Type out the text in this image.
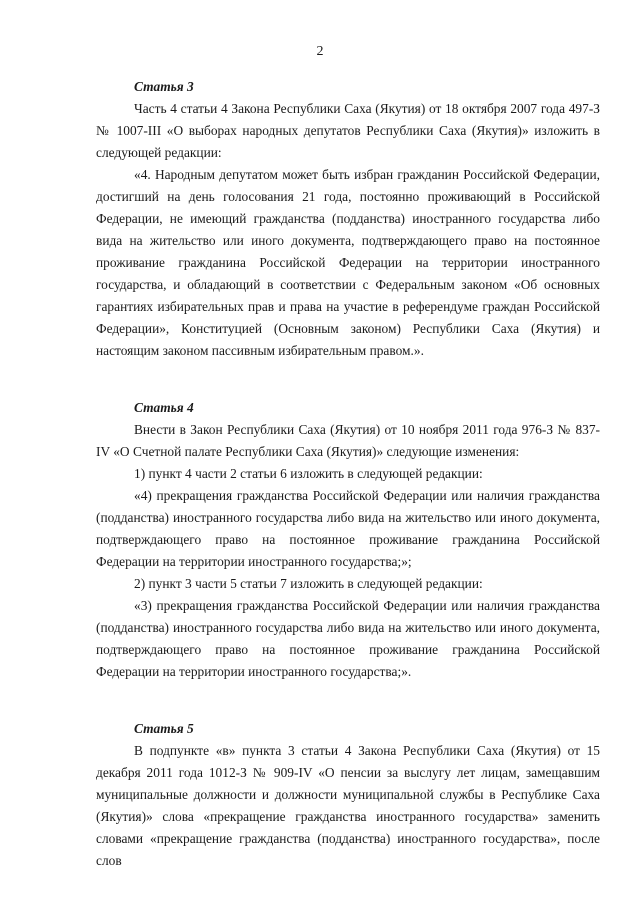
2

Статья 3

Часть 4 статьи 4 Закона Республики Саха (Якутия) от 18 октября 2007 года 497-З № 1007-III «О выборах народных депутатов Республики Саха (Якутия)» изложить в следующей редакции:

«4. Народным депутатом может быть избран гражданин Российской Федерации, достигший на день голосования 21 года, постоянно проживающий в Российской Федерации, не имеющий гражданства (подданства) иностранного государства либо вида на жительство или иного документа, подтверждающего право на постоянное проживание гражданина Российской Федерации на территории иностранного государства, и обладающий в соответствии с Федеральным законом «Об основных гарантиях избирательных прав и права на участие в референдуме граждан Российской Федерации», Конституцией (Основным законом) Республики Саха (Якутия) и настоящим законом пассивным избирательным правом.».

Статья 4

Внести в Закон Республики Саха (Якутия) от 10 ноября 2011 года 976-З № 837-IV «О Счетной палате Республики Саха (Якутия)» следующие изменения:

1) пункт 4 части 2 статьи 6 изложить в следующей редакции:

«4) прекращения гражданства Российской Федерации или наличия гражданства (подданства) иностранного государства либо вида на жительство или иного документа, подтверждающего право на постоянное проживание гражданина Российской Федерации на территории иностранного государства;»;

2) пункт 3 части 5 статьи 7 изложить в следующей редакции:

«3) прекращения гражданства Российской Федерации или наличия гражданства (подданства) иностранного государства либо вида на жительство или иного документа, подтверждающего право на постоянное проживание гражданина Российской Федерации на территории иностранного государства;».

Статья 5

В подпункте «в» пункта 3 статьи 4 Закона Республики Саха (Якутия) от 15 декабря 2011 года 1012-З № 909-IV «О пенсии за выслугу лет лицам, замещавшим муниципальные должности и должности муниципальной службы в Республике Саха (Якутия)» слова «прекращение гражданства иностранного государства» заменить словами «прекращение гражданства (подданства) иностранного государства», после слов
